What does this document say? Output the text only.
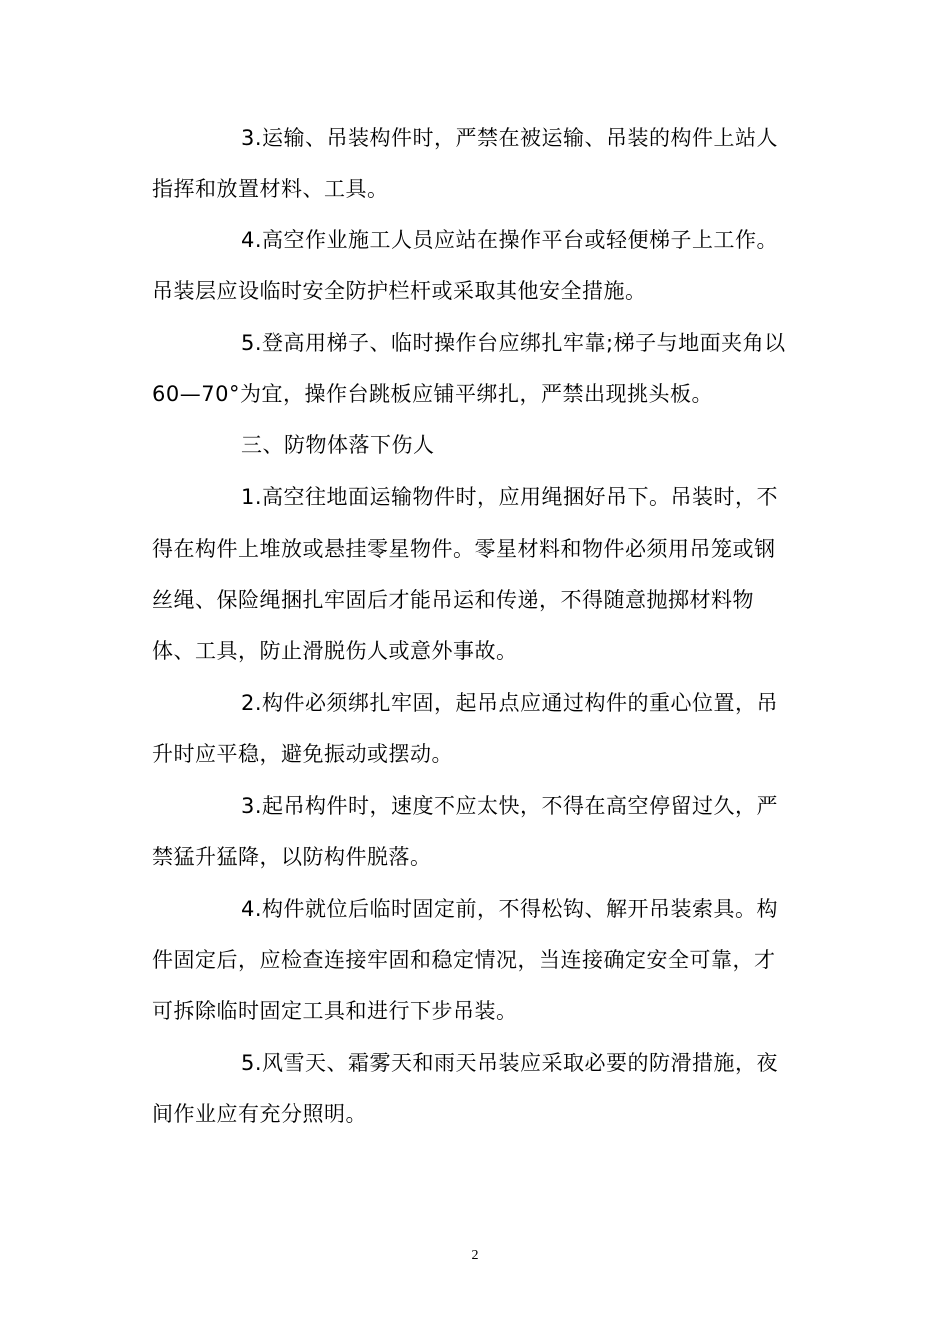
3.运输、吊装构件时，严禁在被运输、吊装的构件上站人
指挥和放置材料、工具。
4.高空作业施工人员应站在操作平台或轻便梯子上工作。
吊装层应设临时安全防护栏杆或采取其他安全措施。
5.登高用梯子、临时操作台应绑扎牢靠;梯子与地面夹角以
60—70°为宜，操作台跳板应铺平绑扎，严禁出现挑头板。
三、防物体落下伤人
1.高空往地面运输物件时，应用绳捆好吊下。吊装时，不
得在构件上堆放或悬挂零星物件。零星材料和物件必须用吊笼或钢
丝绳、保险绳捆扎牢固后才能吊运和传递，不得随意抛掷材料物
体、工具，防止滑脱伤人或意外事故。
2.构件必须绑扎牢固，起吊点应通过构件的重心位置，吊
升时应平稳，避免振动或摆动。
3.起吊构件时，速度不应太快，不得在高空停留过久，严
禁猛升猛降，以防构件脱落。
4.构件就位后临时固定前，不得松钩、解开吊装索具。构
件固定后，应检查连接牢固和稳定情况，当连接确定安全可靠，才
可拆除临时固定工具和进行下步吊装。
5.风雪天、霜雾天和雨天吊装应采取必要的防滑措施，夜
间作业应有充分照明。
2
